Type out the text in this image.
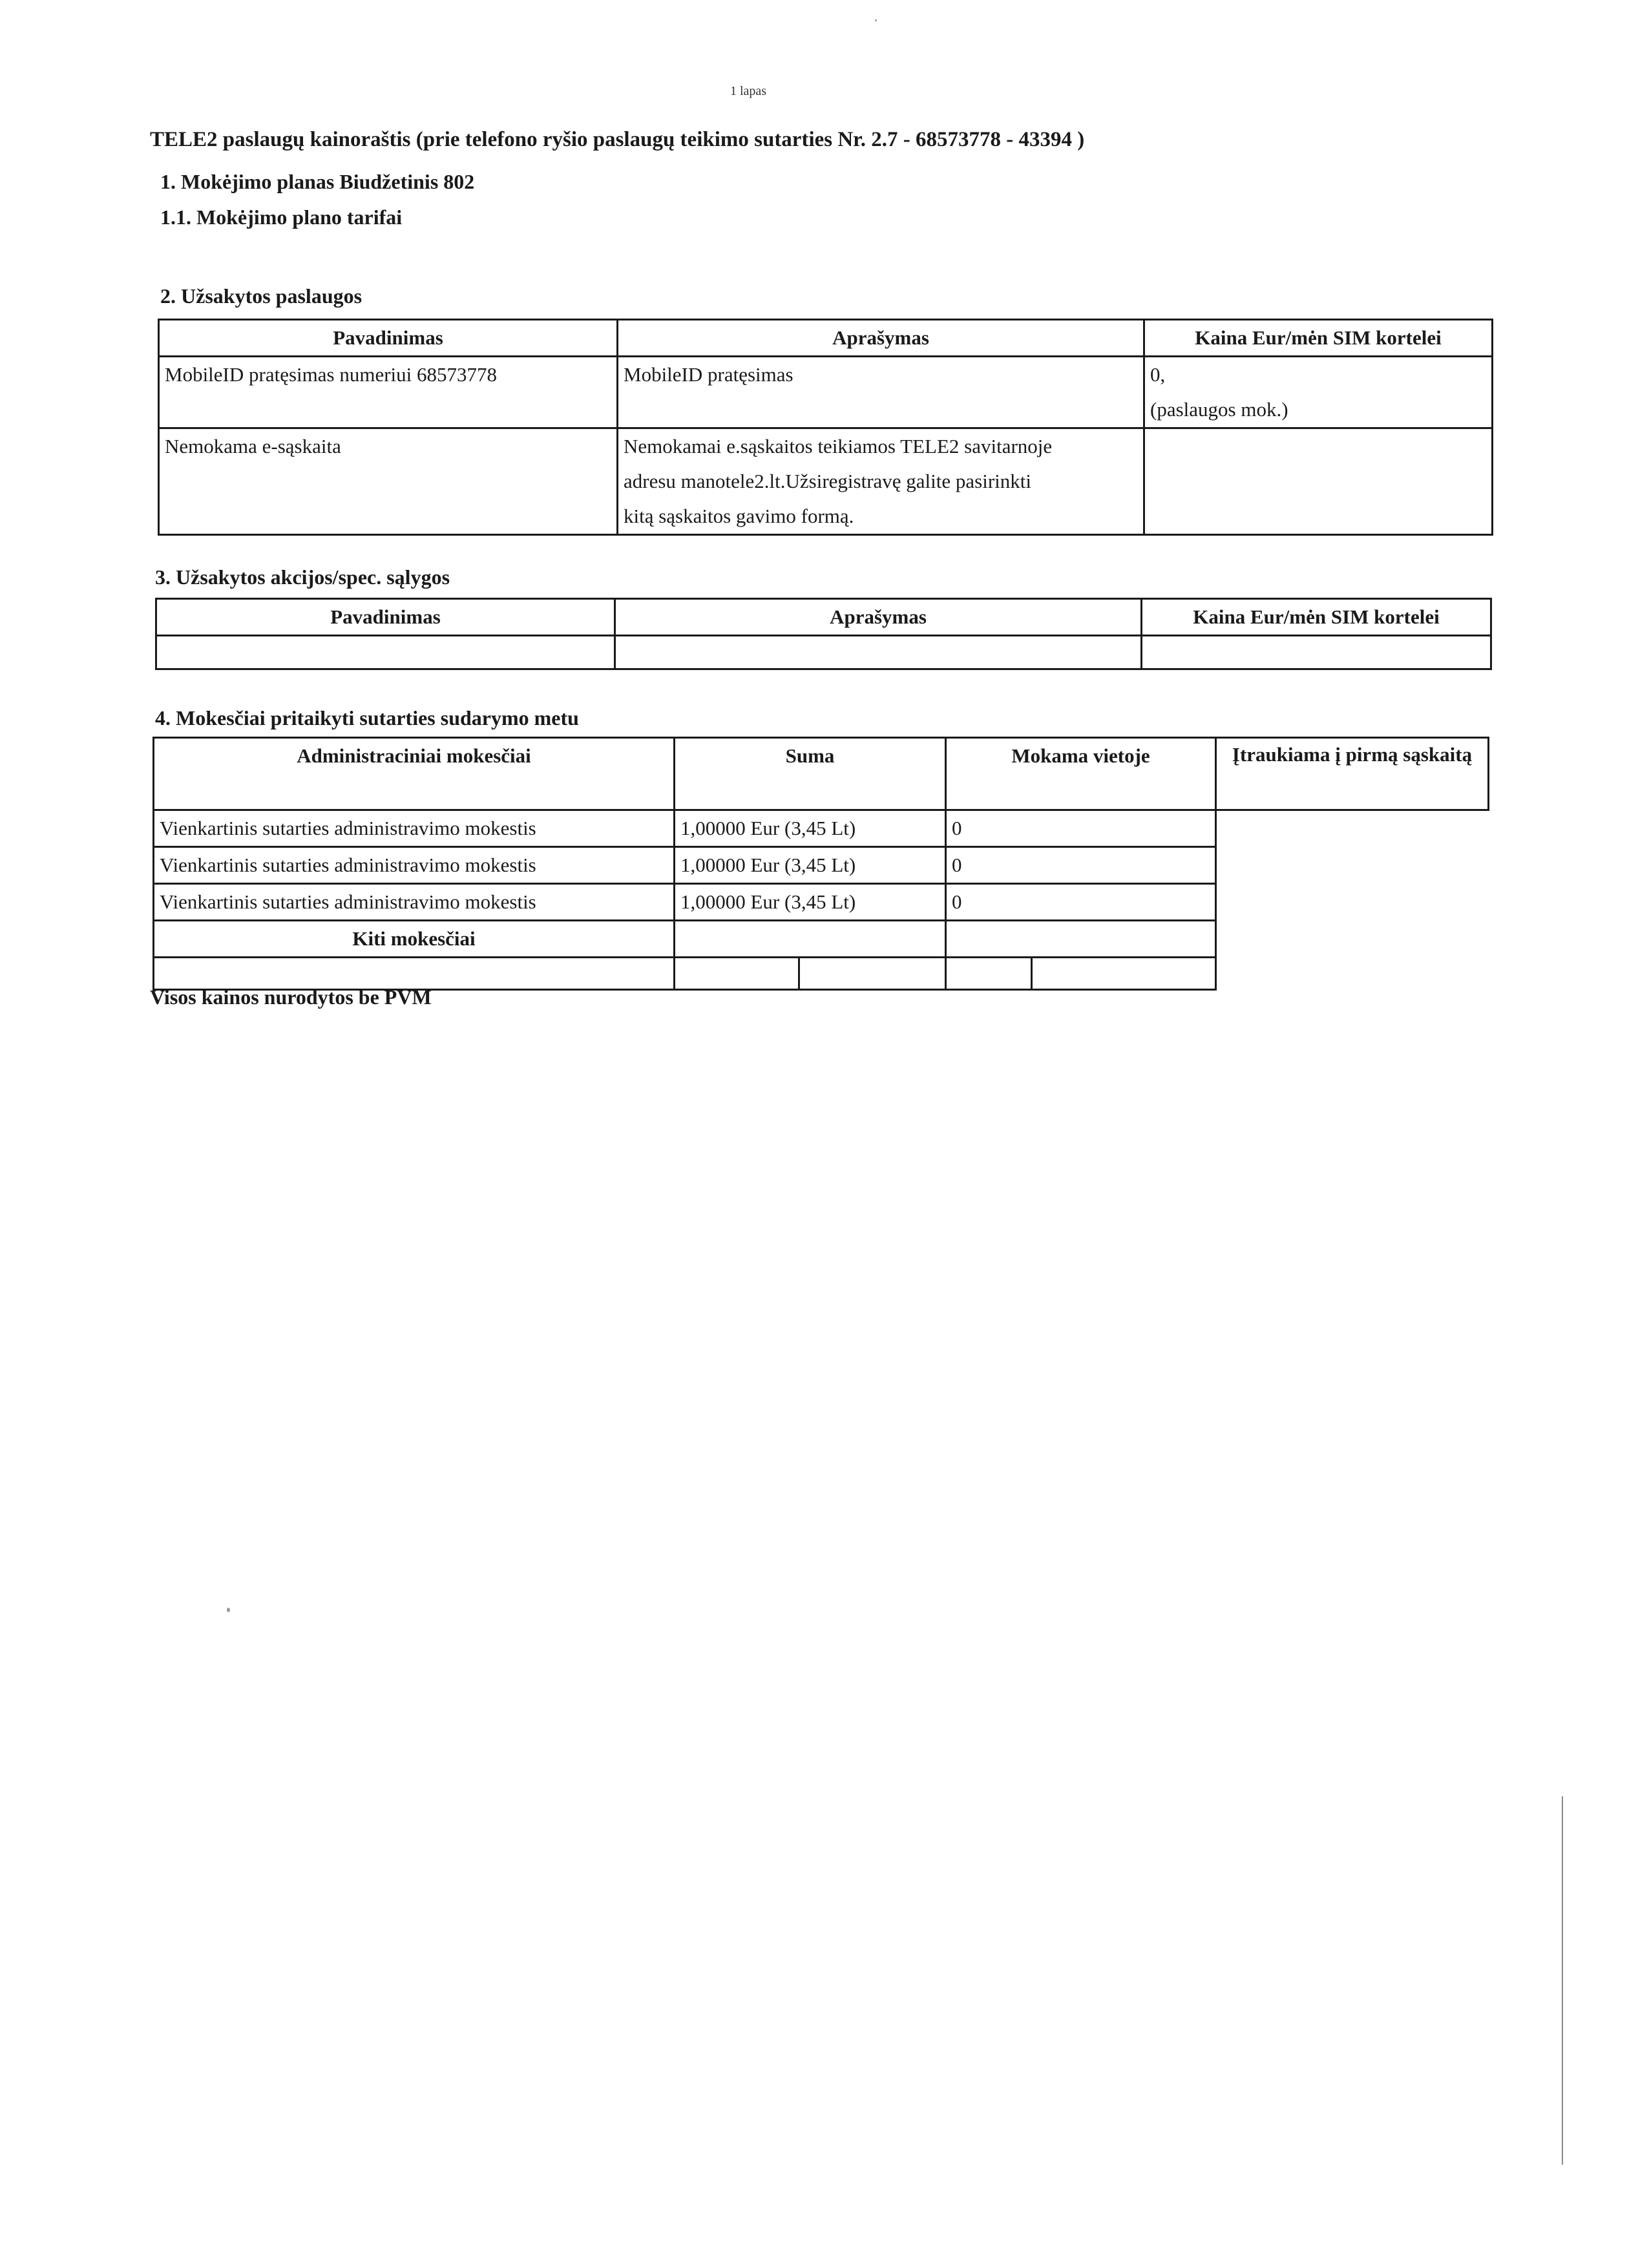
1 lapas
TELE2 paslaugų kainoraštis (prie telefono ryšio paslaugų teikimo sutarties Nr. 2.7 - 68573778 - 43394 )
1. Mokėjimo planas Biudžetinis 802
1.1. Mokėjimo plano tarifai
2. Užsakytos paslaugos
Pavadinimas	Aprašymas	Kaina Eur/mėn SIM kortelei
MobileID pratęsimas numeriui 68573778	MobileID pratęsimas	0,
(paslaugos mok.)

Nemokama e-sąskaita	Nemokamai e.sąskaitos teikiamos TELE2 savitarnoje
adresu manotele2.lt.Užsiregistravę galite pasirinkti
kitą sąskaitos gavimo formą.	

3. Užsakytos akcijos/spec. sąlygos
Pavadinimas	Aprašymas	Kaina Eur/mėn SIM kortelei

4. Mokesčiai pritaikyti sutarties sudarymo metu
Administraciniai mokesčiai	Suma	Mokama vietoje	Įtraukiama į pirmą sąskaitą
Vienkartinis sutarties administravimo mokestis	1,00000 Eur (3,45 Lt)	0	
Vienkartinis sutarties administravimo mokestis	1,00000 Eur (3,45 Lt)	0	
Vienkartinis sutarties administravimo mokestis	1,00000 Eur (3,45 Lt)	0	
Kiti mokesčiai			

Visos kainos nurodytos be PVM
